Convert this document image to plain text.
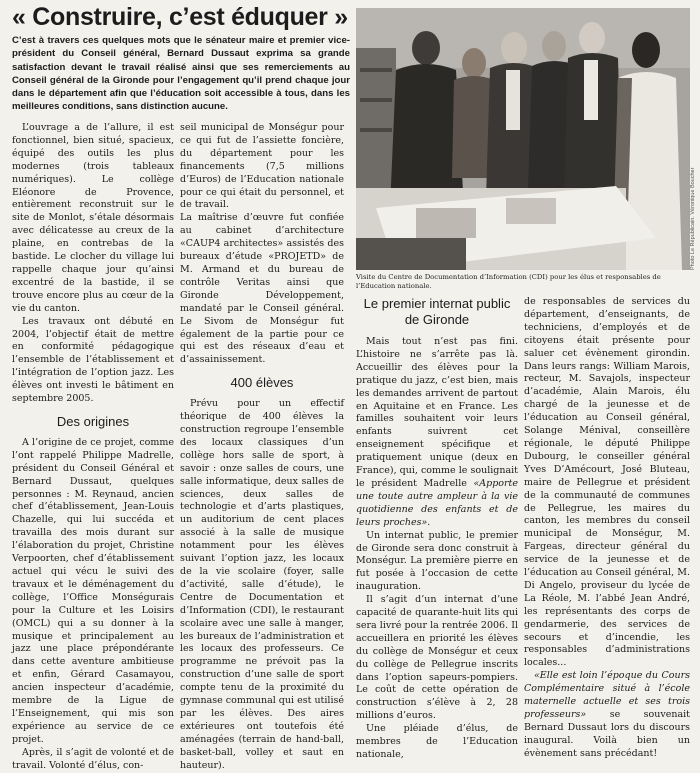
« Construire, c’est éduquer »

C’est à travers ces quelques mots que le sénateur maire et premier vice-président du Conseil général, Bernard Dussaut exprima sa grande satisfaction devant le travail réalisé ainsi que ses remerciements au Conseil général de la Gironde pour l’engagement qu’il prend chaque jour dans le département afin que l’éducation soit accessible à tous, dans les meilleures conditions, sans distinction aucune.

Photo Le Républicain. Véronique Boucher

Visite du Centre de Documentation d’Information (CDI) pour les élus et responsables de l’Education nationale.

L’ouvrage a de l’allure, il est fonctionnel, bien situé, spacieux, équipé des outils les plus modernes (trois tableaux numériques). Le collège Eléonore de Provence, entièrement reconstruit sur le site de Monlot, s’étale désormais avec délicatesse au creux de la plaine, en contrebas de la bastide. Le clocher du village lui rappelle chaque jour qu’ainsi excentré de la bastide, il se trouve encore plus au cœur de la vie du canton.

Les travaux ont débuté en 2004, l’objectif était de mettre en conformité pédagogique l’ensemble de l’établissement et l’intégration de l’option jazz. Les élèves ont investi le bâtiment en septembre 2005.

Des origines

A l’origine de ce projet, comme l’ont rappelé Philippe Madrelle, président du Conseil Général et Bernard Dussaut, quelques personnes : M. Reynaud, ancien chef d’établissement, Jean-Louis Chazelle, qui lui succéda et travailla des mois durant sur l’élaboration du projet, Christine Verpoorten, chef d’établissement actuel qui vécu le suivi des travaux et le déménagement du collège, l’Office Monségurais pour la Culture et les Loisirs (OMCL) qui a su donner à la musique et principalement au jazz une place prépondérante dans cette aventure ambitieuse et enfin, Gérard Casamayou, ancien inspecteur d’académie, membre de la Ligue de l’Enseignement, qui mis son expérience au service de ce projet.

Après, il s’agit de volonté et de travail. Volonté d’élus, con-

seil municipal de Monségur pour ce qui fut de l’assiette foncière, du département pour les financements (7,5 millions d’Euros) de l’Education nationale pour ce qui était du personnel, et de travail.

La maîtrise d’œuvre fut confiée au cabinet d’architecture «CAUP4 architectes» assistés des bureaux d’étude «PROJETD» de M. Armand et du bureau de contrôle Veritas ainsi que Gironde Développement, mandaté par le Conseil général. Le Sivom de Monségur fut également de la partie pour ce qui est des réseaux d’eau et d’assainissement.

400 élèves

Prévu pour un effectif théorique de 400 élèves la construction regroupe l’ensemble des locaux classiques d’un collège hors salle de sport, à savoir : onze salles de cours, une salle informatique, deux salles de sciences, deux salles de technologie et d’arts plastiques, un auditorium de cent places associé à la salle de musique notamment pour les élèves suivant l’option jazz, les locaux de la vie scolaire (foyer, salle d’activité, salle d’étude), le Centre de Documentation et d’Information (CDI), le restaurant scolaire avec une salle à manger, les bureaux de l’administration et les locaux des professeurs. Ce programme ne prévoit pas la construction d’une salle de sport compte tenu de la proximité du gymnase communal qui est utilisé par les élèves. Des aires extérieures ont toutefois été aménagées (terrain de hand-ball, basket-ball, volley et saut en hauteur).

Le premier internat public de Gironde

Mais tout n’est pas fini. L’histoire ne s’arrête pas là. Accueillir des élèves pour la pratique du jazz, c’est bien, mais les demandes arrivent de partout en Aquitaine et en France. Les familles souhaitent voir leurs enfants suivrent cet enseignement spécifique et pratiquement unique (deux en France), qui, comme le soulignait le président Madrelle «Apporte une toute autre ampleur à la vie quotidienne des enfants et de leurs proches».

Un internat public, le premier de Gironde sera donc construit à Monségur. La première pierre en fut posée à l’occasion de cette inauguration.

Il s’agit d’un internat d’une capacité de quarante-huit lits qui sera livré pour la rentrée 2006. Il accueillera en priorité les élèves du collège de Monségur et ceux du collège de Pellegrue inscrits dans l’option sapeurs-pompiers. Le coût de cette opération de construction s’élève à 2, 28 millions d’euros.

Une pléiade d’élus, de membres de l’Education nationale,

de responsables de services du département, d’enseignants, de techniciens, d’employés et de citoyens était présente pour saluer cet évènement girondin. Dans leurs rangs: William Marois, recteur, M. Savajols, inspecteur d’académie, Alain Marois, élu chargé de la jeunesse et de l’éducation au Conseil général, Solange Ménival, conseillère régionale, le député Philippe Dubourg, le conseiller général Yves D’Amécourt, José Bluteau, maire de Pellegrue et président de la communauté de communes de Pellegrue, les maires du canton, les membres du conseil municipal de Monségur, M. Fargeas, directeur général du service de la jeunesse et de l’éducation au Conseil général, M. Di Angelo, proviseur du lycée de La Réole, M. l’abbé Jean André, les représentants des corps de gendarmerie, des services de secours et d’incendie, les responsables d’administrations locales...

«Elle est loin l’époque du Cours Complémentaire situé à l’école maternelle actuelle et ses trois professeurs» se souvenait Bernard Dussaut lors du discours inaugural. Voilà bien un évènement sans précédant!
